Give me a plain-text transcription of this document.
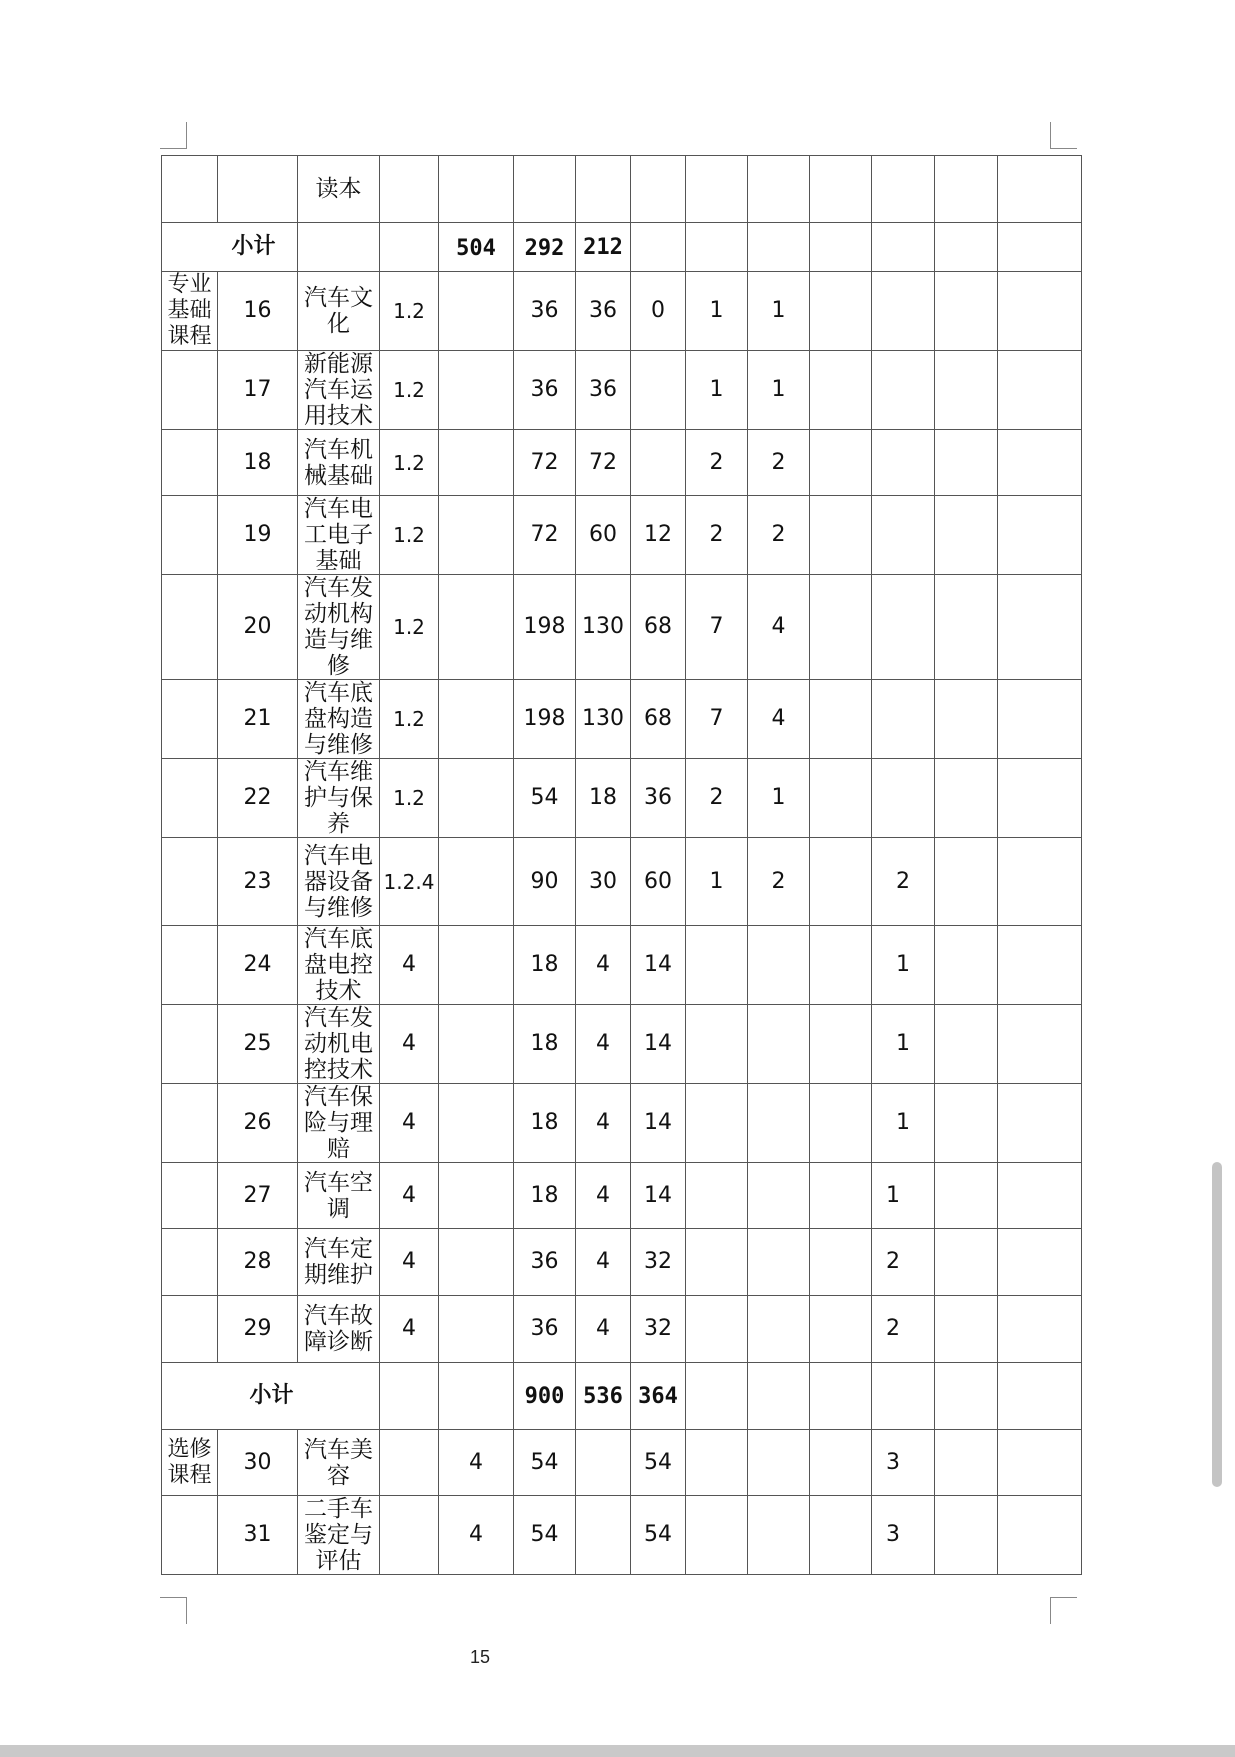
		读本											
小计				504	292	212							
专业基础课程	16	汽车文化	1.2		36	36	0	1	1				
	17	新能源汽车运用技术	1.2		36	36		1	1				
	18	汽车机械基础	1.2		72	72		2	2				
	19	汽车电工电子基础	1.2		72	60	12	2	2				
	20	汽车发动机构造与维修	1.2		198	130	68	7	4				
	21	汽车底盘构造与维修	1.2		198	130	68	7	4				
	22	汽车维护与保养	1.2		54	18	36	2	1				
	23	汽车电器设备与维修	1.2.4		90	30	60	1	2		2		
	24	汽车底盘电控技术	4		18	4	14				1		
	25	汽车发动机电控技术	4		18	4	14				1		
	26	汽车保险与理赔	4		18	4	14				1		
	27	汽车空调	4		18	4	14				1		
	28	汽车定期维护	4		36	4	32				2		
	29	汽车故障诊断	4		36	4	32				2		
小计					900	536	364						
选修课程	30	汽车美容		4	54		54				3		
	31	二手车鉴定与评估		4	54		54				3		
15
